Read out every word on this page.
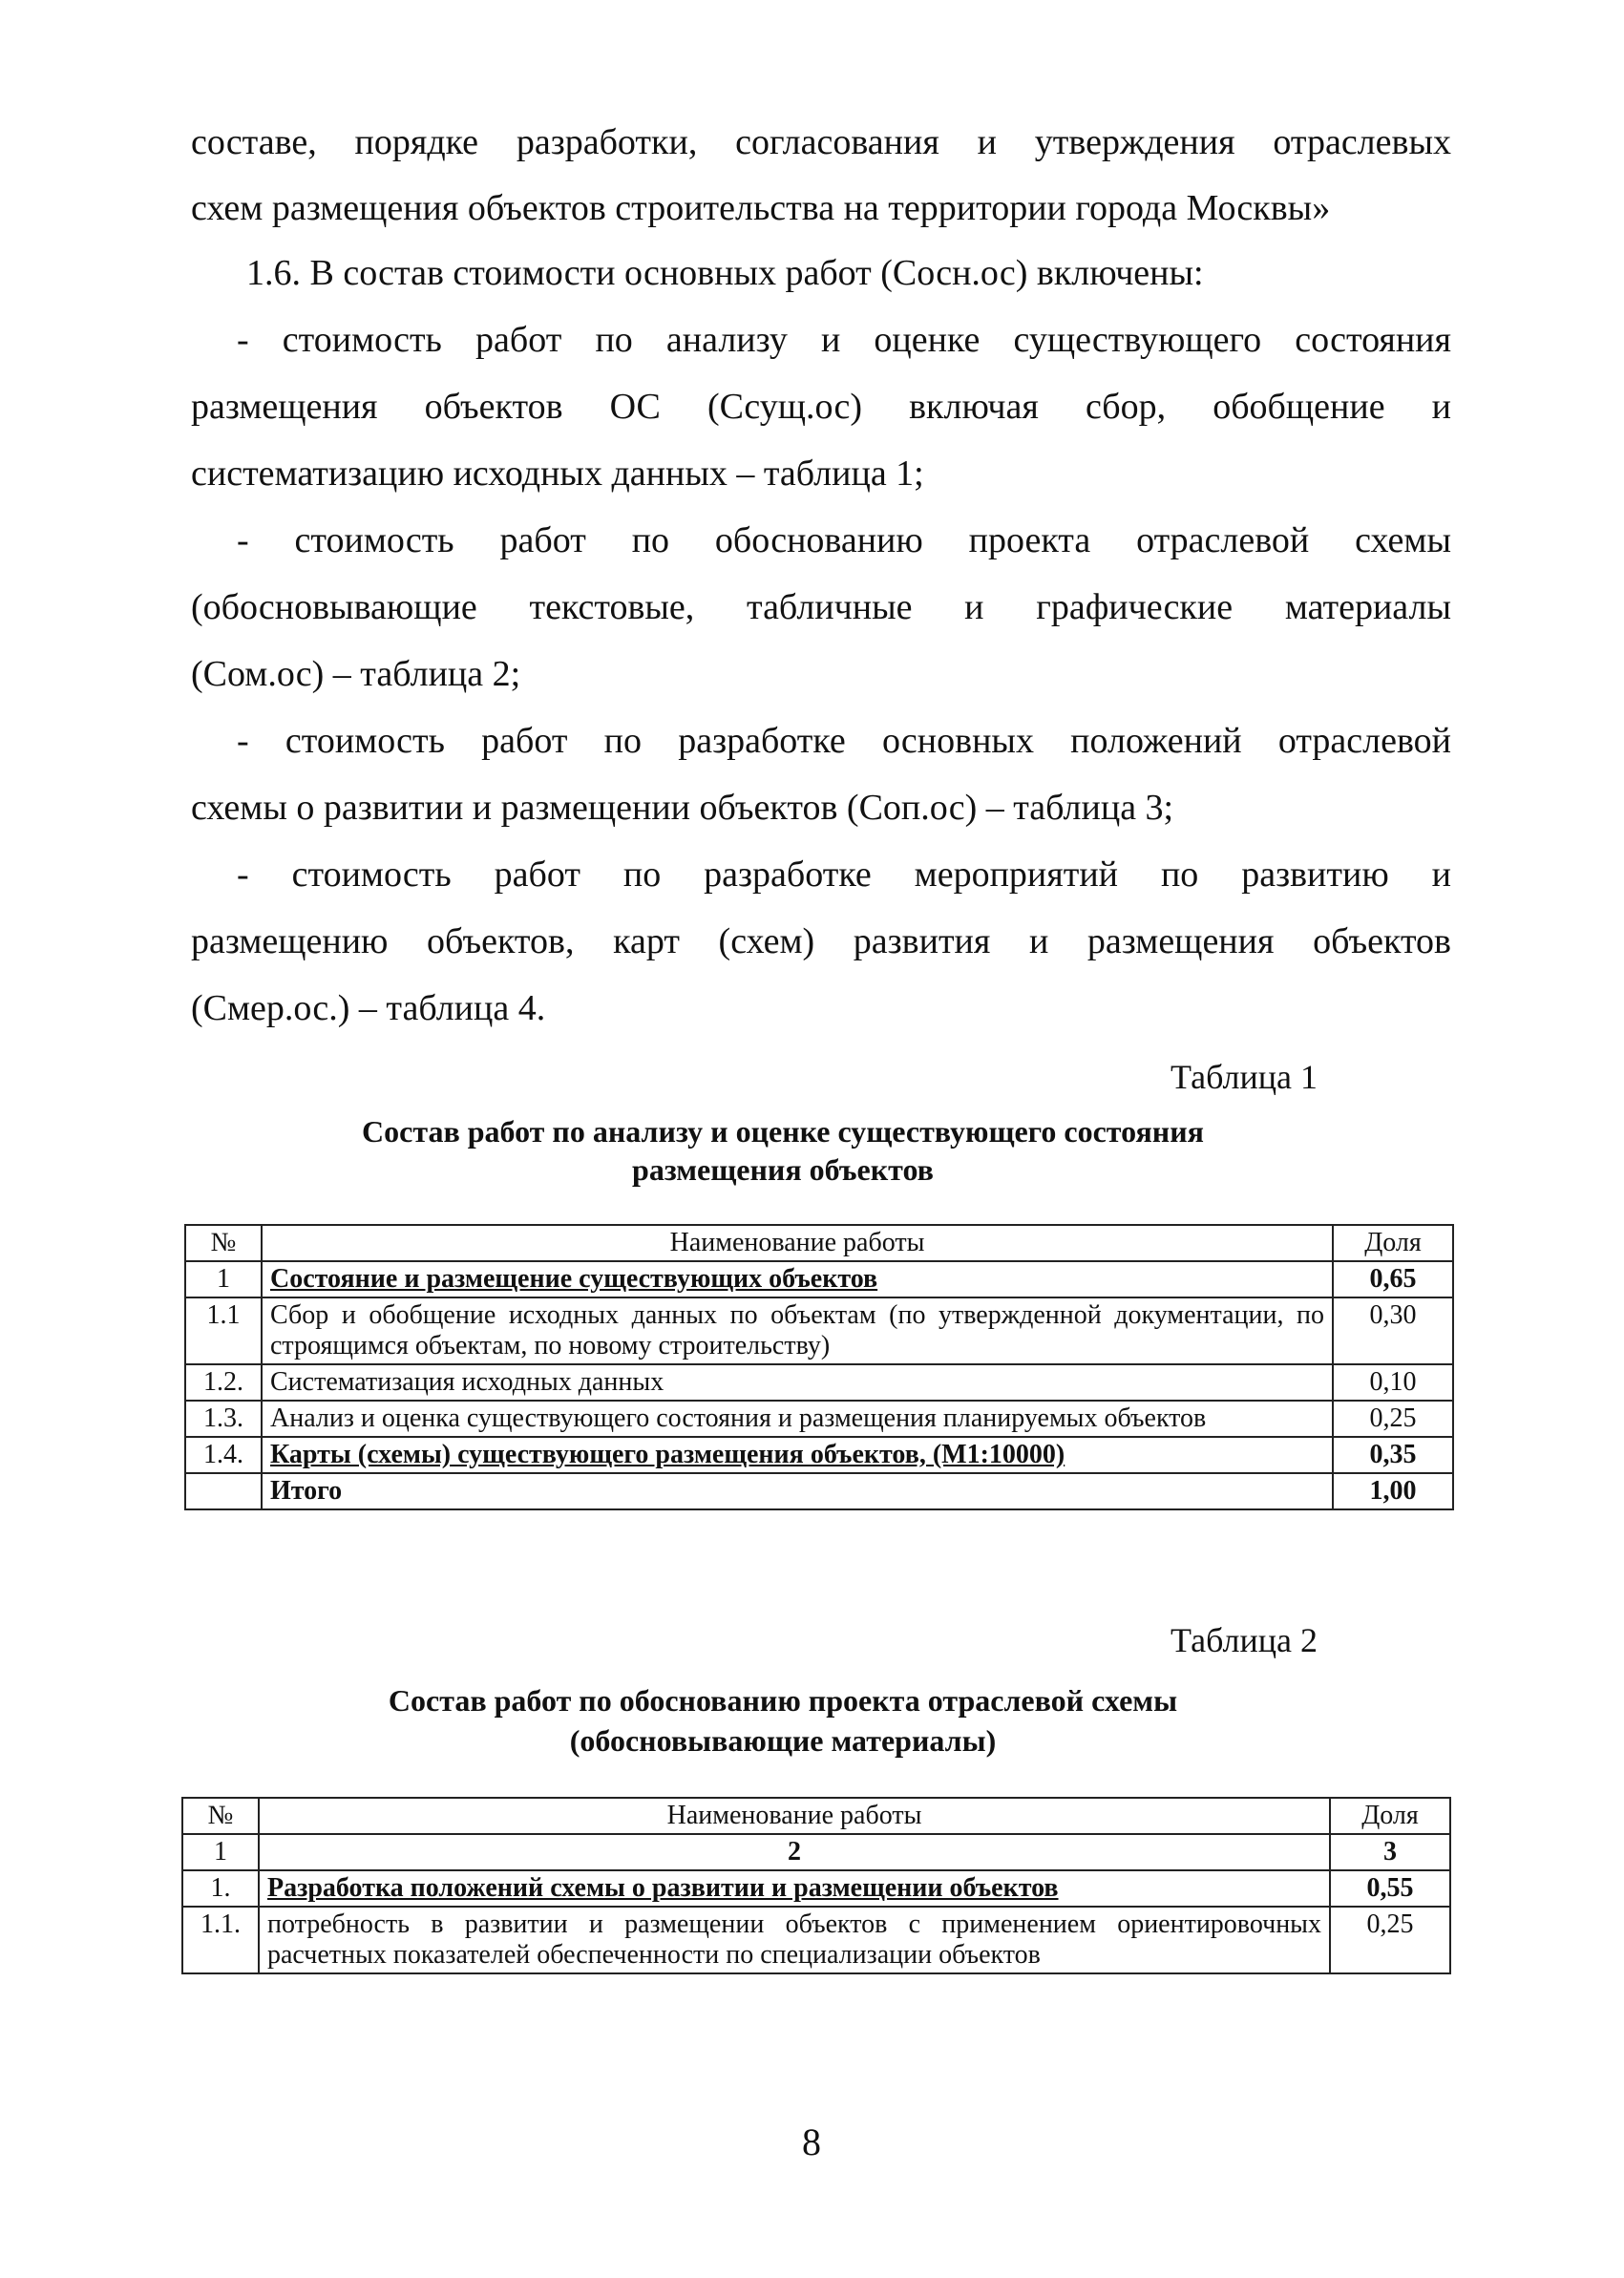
составе, порядке разработки, согласования и утверждения отраслевых
схем размещения объектов строительства на территории города Москвы»
1.6. В состав стоимости основных работ (Сосн.ос) включены:
- стоимость работ по анализу и оценке существующего состояния
размещения объектов ОС (Ссущ.ос) включая сбор, обобщение и
систематизацию исходных данных – таблица 1;
- стоимость работ по обоснованию проекта отраслевой схемы
(обосновывающие текстовые, табличные и графические материалы
(Сом.ос) – таблица 2;
- стоимость работ по разработке основных положений отраслевой
схемы о развитии и размещении объектов (Соп.ос) – таблица 3;
- стоимость работ по разработке мероприятий по развитию и
размещению объектов, карт (схем) развития и размещения объектов
(Смер.ос.) – таблица 4.
Таблица 1
Состав работ по анализу и оценке существующего состояния
размещения объектов
№	Наименование работы	Доля
1	Состояние и размещение существующих объектов	0,65
1.1	Сбор и обобщение исходных данных по объектам (по утвержденной документации, по строящимся объектам, по новому строительству)	0,30
1.2.	Систематизация исходных данных	0,10
1.3.	Анализ и оценка существующего состояния и размещения планируемых объектов	0,25
1.4.	Карты (схемы) существующего размещения объектов, (М1:10000)	0,35
	Итого	1,00
Таблица 2
Состав работ по обоснованию проекта отраслевой схемы
(обосновывающие материалы)
№	Наименование работы	Доля
1	2	3
1.	Разработка положений схемы о развитии и размещении объектов	0,55
1.1.	потребность в развитии и размещении объектов с применением ориентировочных расчетных показателей обеспеченности по специализации объектов	0,25
8
